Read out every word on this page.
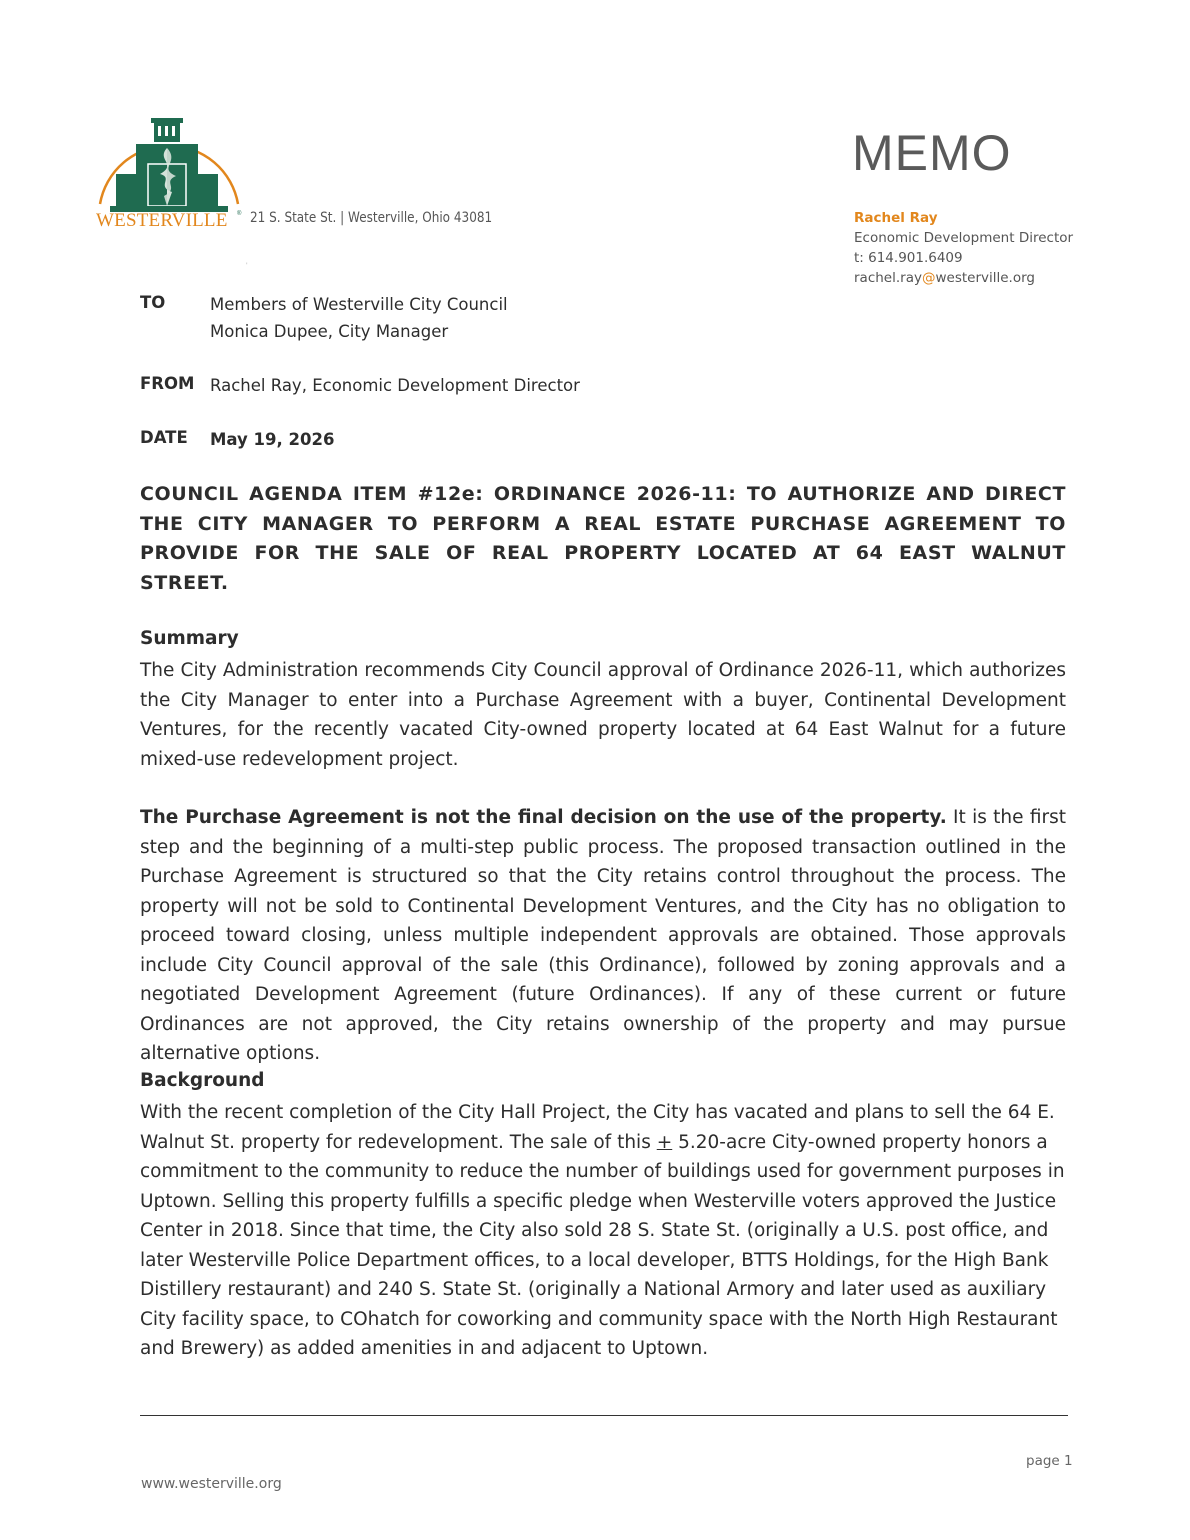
WESTERVILLE ® 21 S. State St. | Westerville, Ohio 43081
'
MEMO
Rachel Ray
Economic Development Director
t: 614.901.6409
rachel.ray@westerville.org
TO	Members of Westerville City Council
Monica Dupee, City Manager
FROM Rachel Ray, Economic Development Director
DATE May 19, 2026
COUNCIL AGENDA ITEM #12e: ORDINANCE 2026-11: TO AUTHORIZE AND DIRECT THE CITY MANAGER TO PERFORM A REAL ESTATE PURCHASE AGREEMENT TO PROVIDE FOR THE SALE OF REAL PROPERTY LOCATED AT 64 EAST WALNUT STREET.
Summary
The City Administration recommends City Council approval of Ordinance 2026-11, which authorizes the City Manager to enter into a Purchase Agreement with a buyer, Continental Development Ventures, for the recently vacated City-owned property located at 64 East Walnut for a future mixed-use redevelopment project.
The Purchase Agreement is not the final decision on the use of the property. It is the first step and the beginning of a multi-step public process. The proposed transaction outlined in the Purchase Agreement is structured so that the City retains control throughout the process. The property will not be sold to Continental Development Ventures, and the City has no obligation to proceed toward closing, unless multiple independent approvals are obtained. Those approvals include City Council approval of the sale (this Ordinance), followed by zoning approvals and a negotiated Development Agreement (future Ordinances). If any of these current or future Ordinances are not approved, the City retains ownership of the property and may pursue alternative options.
Background
With the recent completion of the City Hall Project, the City has vacated and plans to sell the 64 E. Walnut St. property for redevelopment. The sale of this + 5.20-acre City-owned property honors a commitment to the community to reduce the number of buildings used for government purposes in Uptown. Selling this property fulfills a specific pledge when Westerville voters approved the Justice Center in 2018. Since that time, the City also sold 28 S. State St. (originally a U.S. post office, and later Westerville Police Department offices, to a local developer, BTTS Holdings, for the High Bank Distillery restaurant) and 240 S. State St. (originally a National Armory and later used as auxiliary City facility space, to COhatch for coworking and community space with the North High Restaurant and Brewery) as added amenities in and adjacent to Uptown.
page 1
www.westerville.org
